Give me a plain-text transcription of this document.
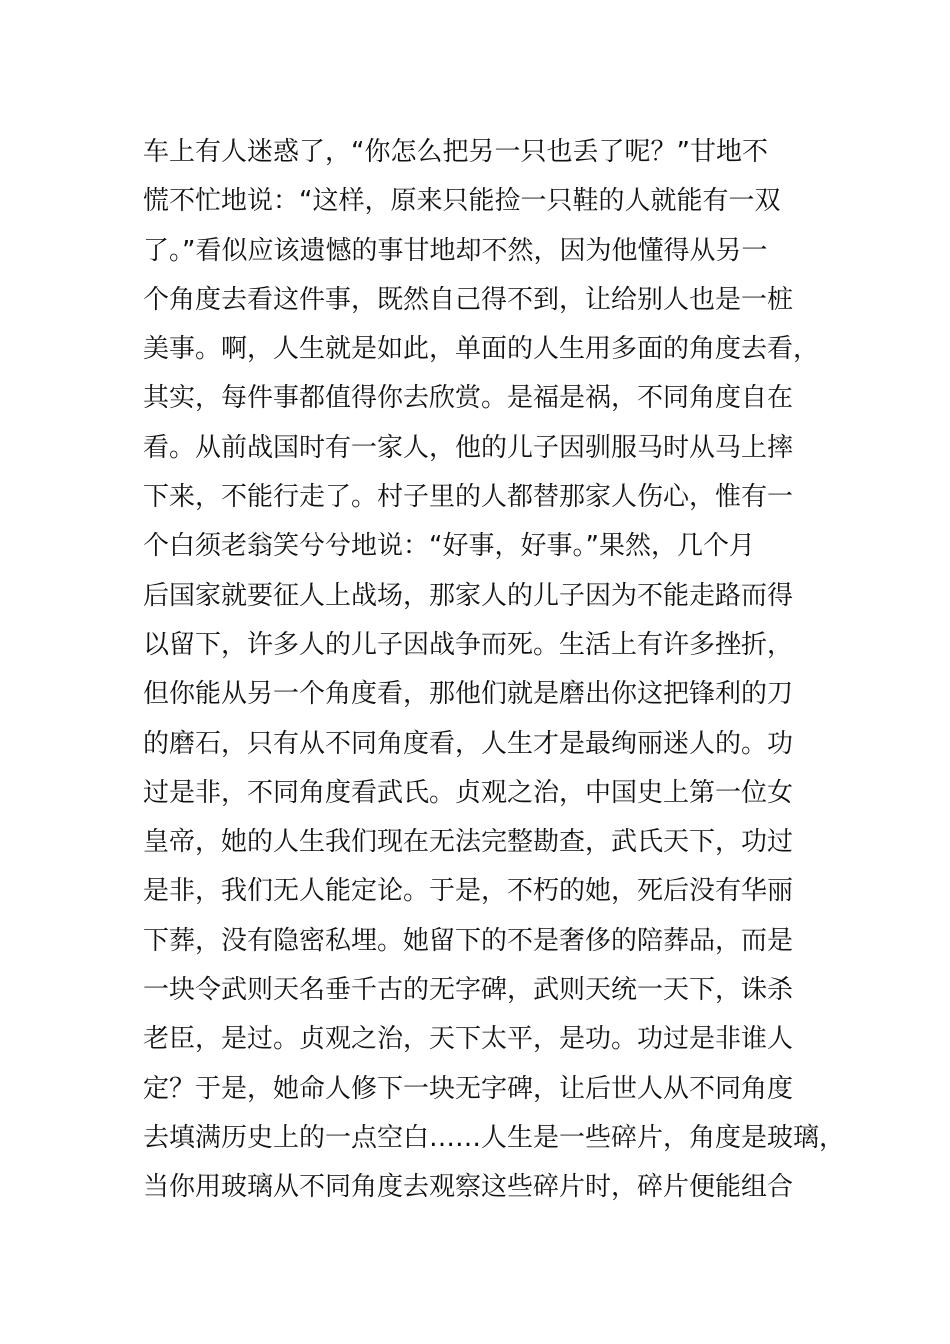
车上有人迷惑了，“你怎么把另一只也丢了呢？”甘地不
慌不忙地说：“这样，原来只能捡一只鞋的人就能有一双
了。”看似应该遗憾的事甘地却不然，因为他懂得从另一
个角度去看这件事，既然自己得不到，让给别人也是一桩
美事。啊，人生就是如此，单面的人生用多面的角度去看，
其实，每件事都值得你去欣赏。是福是祸，不同角度自在
看。从前战国时有一家人，他的儿子因驯服马时从马上摔
下来，不能行走了。村子里的人都替那家人伤心，惟有一
个白须老翁笑兮兮地说：“好事，好事。”果然，几个月
后国家就要征人上战场，那家人的儿子因为不能走路而得
以留下，许多人的儿子因战争而死。生活上有许多挫折，
但你能从另一个角度看，那他们就是磨出你这把锋利的刀
的磨石，只有从不同角度看，人生才是最绚丽迷人的。功
过是非，不同角度看武氏。贞观之治，中国史上第一位女
皇帝，她的人生我们现在无法完整勘查，武氏天下，功过
是非，我们无人能定论。于是，不朽的她，死后没有华丽
下葬，没有隐密私埋。她留下的不是奢侈的陪葬品，而是
一块令武则天名垂千古的无字碑，武则天统一天下，诛杀
老臣，是过。贞观之治，天下太平，是功。功过是非谁人
定？于是，她命人修下一块无字碑，让后世人从不同角度
去填满历史上的一点空白……人生是一些碎片，角度是玻璃，
当你用玻璃从不同角度去观察这些碎片时，碎片便能组合
